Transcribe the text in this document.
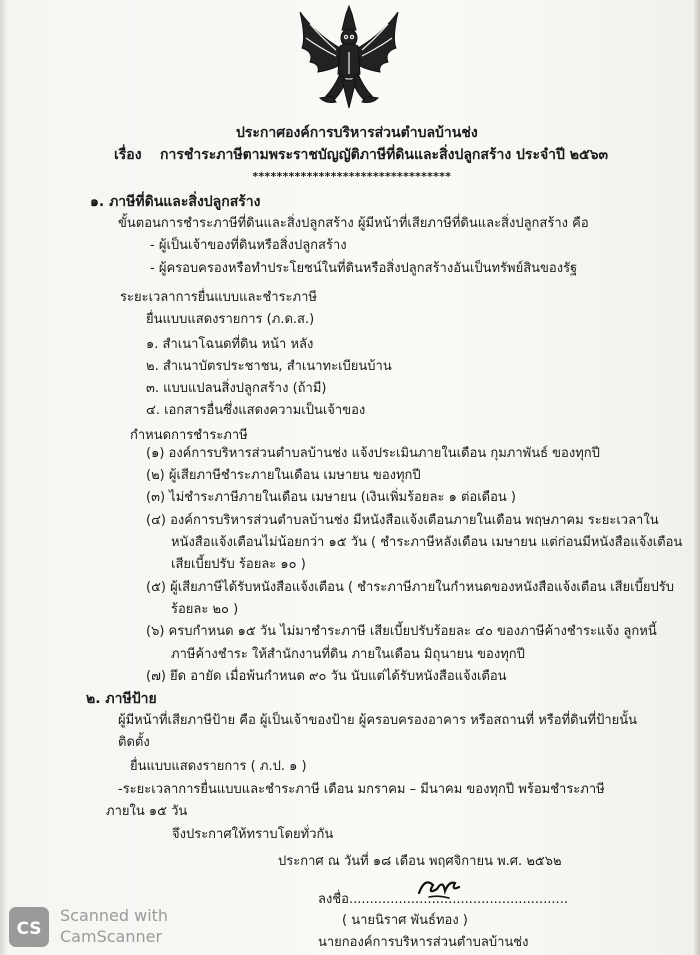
ประกาศองค์การบริหารส่วนตำบลบ้านช่ง
เรื่อง การชำระภาษีตามพระราชบัญญัติภาษีที่ดินและสิ่งปลูกสร้าง ประจำปี ๒๕๖๓
*********************************
๑. ภาษีที่ดินและสิ่งปลูกสร้าง
ขั้นตอนการชำระภาษีที่ดินและสิ่งปลูกสร้าง ผู้มีหน้าที่เสียภาษีที่ดินและสิ่งปลูกสร้าง คือ
- ผู้เป็นเจ้าของที่ดินหรือสิ่งปลูกสร้าง
- ผู้ครอบครองหรือทำประโยชน์ในที่ดินหรือสิ่งปลูกสร้างอันเป็นทรัพย์สินของรัฐ
ระยะเวลาการยื่นแบบและชำระภาษี
ยื่นแบบแสดงรายการ (ภ.ด.ส.)
๑. สำเนาโฉนดที่ดิน หน้า หลัง
๒. สำเนาบัตรประชาชน, สำเนาทะเบียนบ้าน
๓. แบบแปลนสิ่งปลูกสร้าง (ถ้ามี)
๔. เอกสารอื่นซึ่งแสดงความเป็นเจ้าของ
กำหนดการชำระภาษี
(๑) องค์การบริหารส่วนตำบลบ้านช่ง แจ้งประเมินภายในเดือน กุมภาพันธ์ ของทุกปี
(๒) ผู้เสียภาษีชำระภายในเดือน เมษายน ของทุกปี
(๓) ไม่ชำระภาษีภายในเดือน เมษายน (เงินเพิ่มร้อยละ ๑ ต่อเดือน )
(๔) องค์การบริหารส่วนตำบลบ้านช่ง มีหนังสือแจ้งเตือนภายในเดือน พฤษภาคม ระยะเวลาใน
หนังสือแจ้งเตือนไม่น้อยกว่า ๑๕ วัน ( ชำระภาษีหลังเดือน เมษายน แต่ก่อนมีหนังสือแจ้งเตือน
เสียเบี้ยปรับ ร้อยละ ๑๐ )
(๕) ผู้เสียภาษีได้รับหนังสือแจ้งเตือน ( ชำระภาษีภายในกำหนดของหนังสือแจ้งเตือน เสียเบี้ยปรับ
ร้อยละ ๒๐ )
(๖) ครบกำหนด ๑๕ วัน ไม่มาชำระภาษี เสียเบี้ยปรับร้อยละ ๔๐ ของภาษีค้างชำระแจ้ง ลูกหนี้
ภาษีค้างชำระ ให้สำนักงานที่ดิน ภายในเดือน มิถุนายน ของทุกปี
(๗) ยึด อายัด เมื่อพ้นกำหนด ๙๐ วัน นับแต่ได้รับหนังสือแจ้งเตือน
๒. ภาษีป้าย
ผู้มีหน้าที่เสียภาษีป้าย คือ ผู้เป็นเจ้าของป้าย ผู้ครอบครองอาคาร หรือสถานที่ หรือที่ดินที่ป้ายนั้น
ติดตั้ง
ยื่นแบบแสดงรายการ ( ภ.ป. ๑ )
-ระยะเวลาการยื่นแบบและชำระภาษี เดือน มกราคม – มีนาคม ของทุกปี พร้อมชำระภาษี
ภายใน ๑๕ วัน
จึงประกาศให้ทราบโดยทั่วกัน
ประกาศ ณ วันที่ ๑๘ เดือน พฤศจิกายน พ.ศ. ๒๕๖๒
ลงชื่อ.....................................................
( นายนิราศ พันธ์ทอง )
นายกองค์การบริหารส่วนตำบลบ้านช่ง
CS
Scanned with
CamScanner
